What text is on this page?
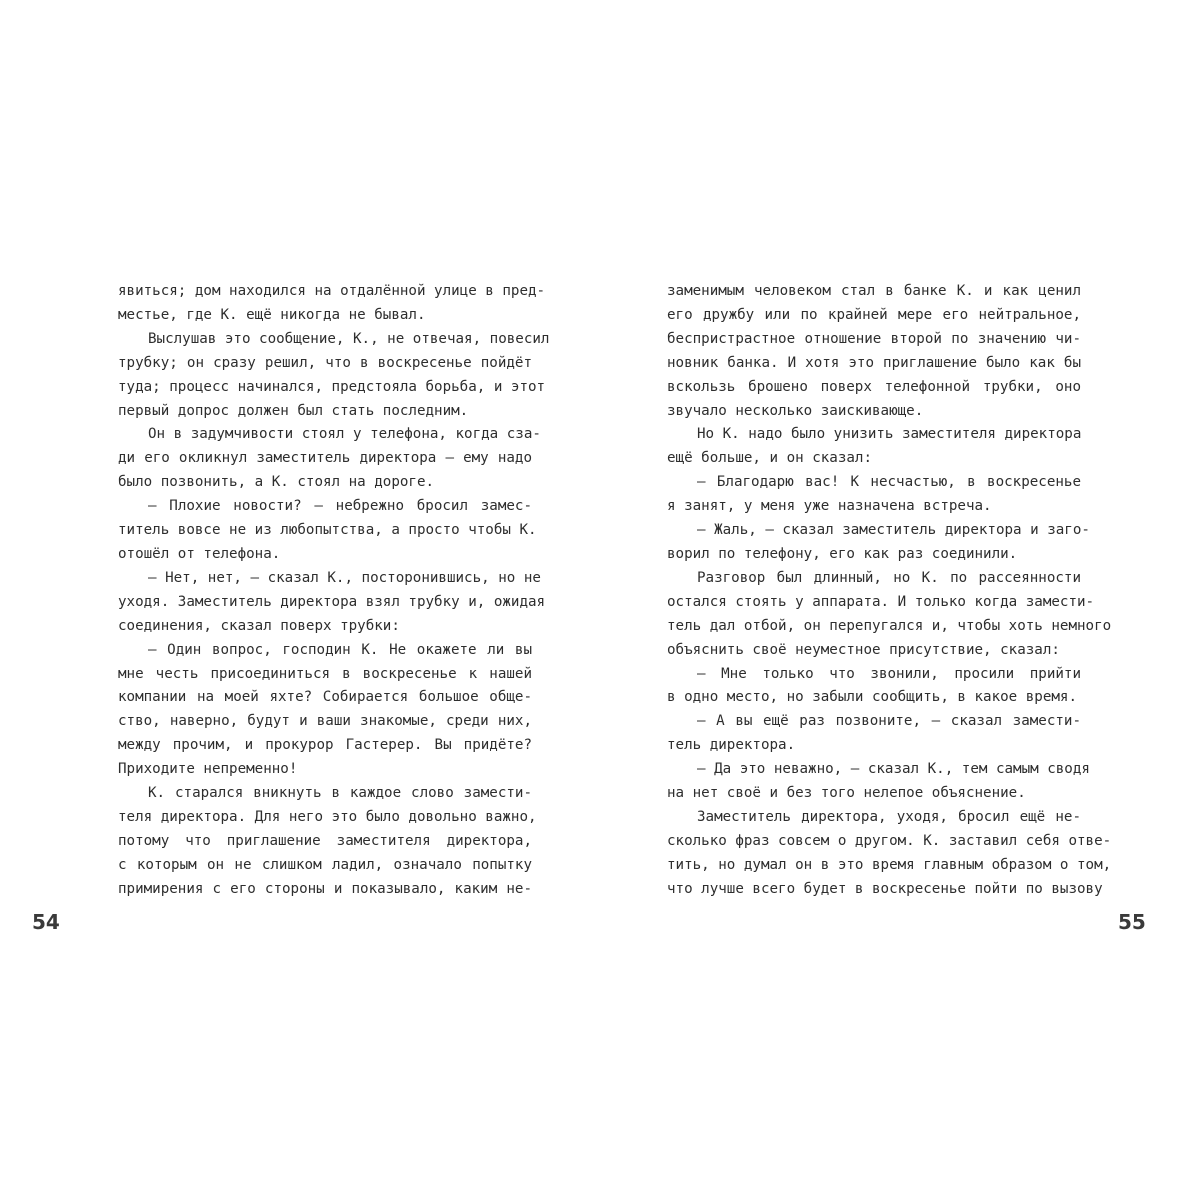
явиться; дом находился на отдалённой улице в пред-
местье, где К. ещё никогда не бывал.
Выслушав это сообщение, К., не отвечая, повесил
трубку; он сразу решил, что в воскресенье пойдёт
туда; процесс начинался, предстояла борьба, и этот
первый допрос должен был стать последним.
Он в задумчивости стоял у телефона, когда сза-
ди его окликнул заместитель директора — ему надо
было позвонить, а К. стоял на дороге.
— Плохие новости? — небрежно бросил замес-
титель вовсе не из любопытства, а просто чтобы К.
отошёл от телефона.
— Нет, нет, — сказал К., посторонившись, но не
уходя. Заместитель директора взял трубку и, ожидая
соединения, сказал поверх трубки:
— Один вопрос, господин К. Не окажете ли вы
мне честь присоединиться в воскресенье к нашей
компании на моей яхте? Собирается большое обще-
ство, наверно, будут и ваши знакомые, среди них,
между прочим, и прокурор Гастерер. Вы придёте?
Приходите непременно!
К. старался вникнуть в каждое слово замести-
теля директора. Для него это было довольно важно,
потому что приглашение заместителя директора,
с которым он не слишком ладил, означало попытку
примирения с его стороны и показывало, каким не-
54
заменимым человеком стал в банке К. и как ценил
его дружбу или по крайней мере его нейтральное,
беспристрастное отношение второй по значению чи-
новник банка. И хотя это приглашение было как бы
вскользь брошено поверх телефонной трубки, оно
звучало несколько заискивающе.
Но К. надо было унизить заместителя директора
ещё больше, и он сказал:
— Благодарю вас! К несчастью, в воскресенье
я занят, у меня уже назначена встреча.
— Жаль, — сказал заместитель директора и заго-
ворил по телефону, его как раз соединили.
Разговор был длинный, но К. по рассеянности
остался стоять у аппарата. И только когда замести-
тель дал отбой, он перепугался и, чтобы хоть немного
объяснить своё неуместное присутствие, сказал:
— Мне только что звонили, просили прийти
в одно место, но забыли сообщить, в какое время.
— А вы ещё раз позвоните, — сказал замести-
тель директора.
— Да это неважно, — сказал К., тем самым сводя
на нет своё и без того нелепое объяснение.
Заместитель директора, уходя, бросил ещё не-
сколько фраз совсем о другом. К. заставил себя отве-
тить, но думал он в это время главным образом о том,
что лучше всего будет в воскресенье пойти по вызову
55
